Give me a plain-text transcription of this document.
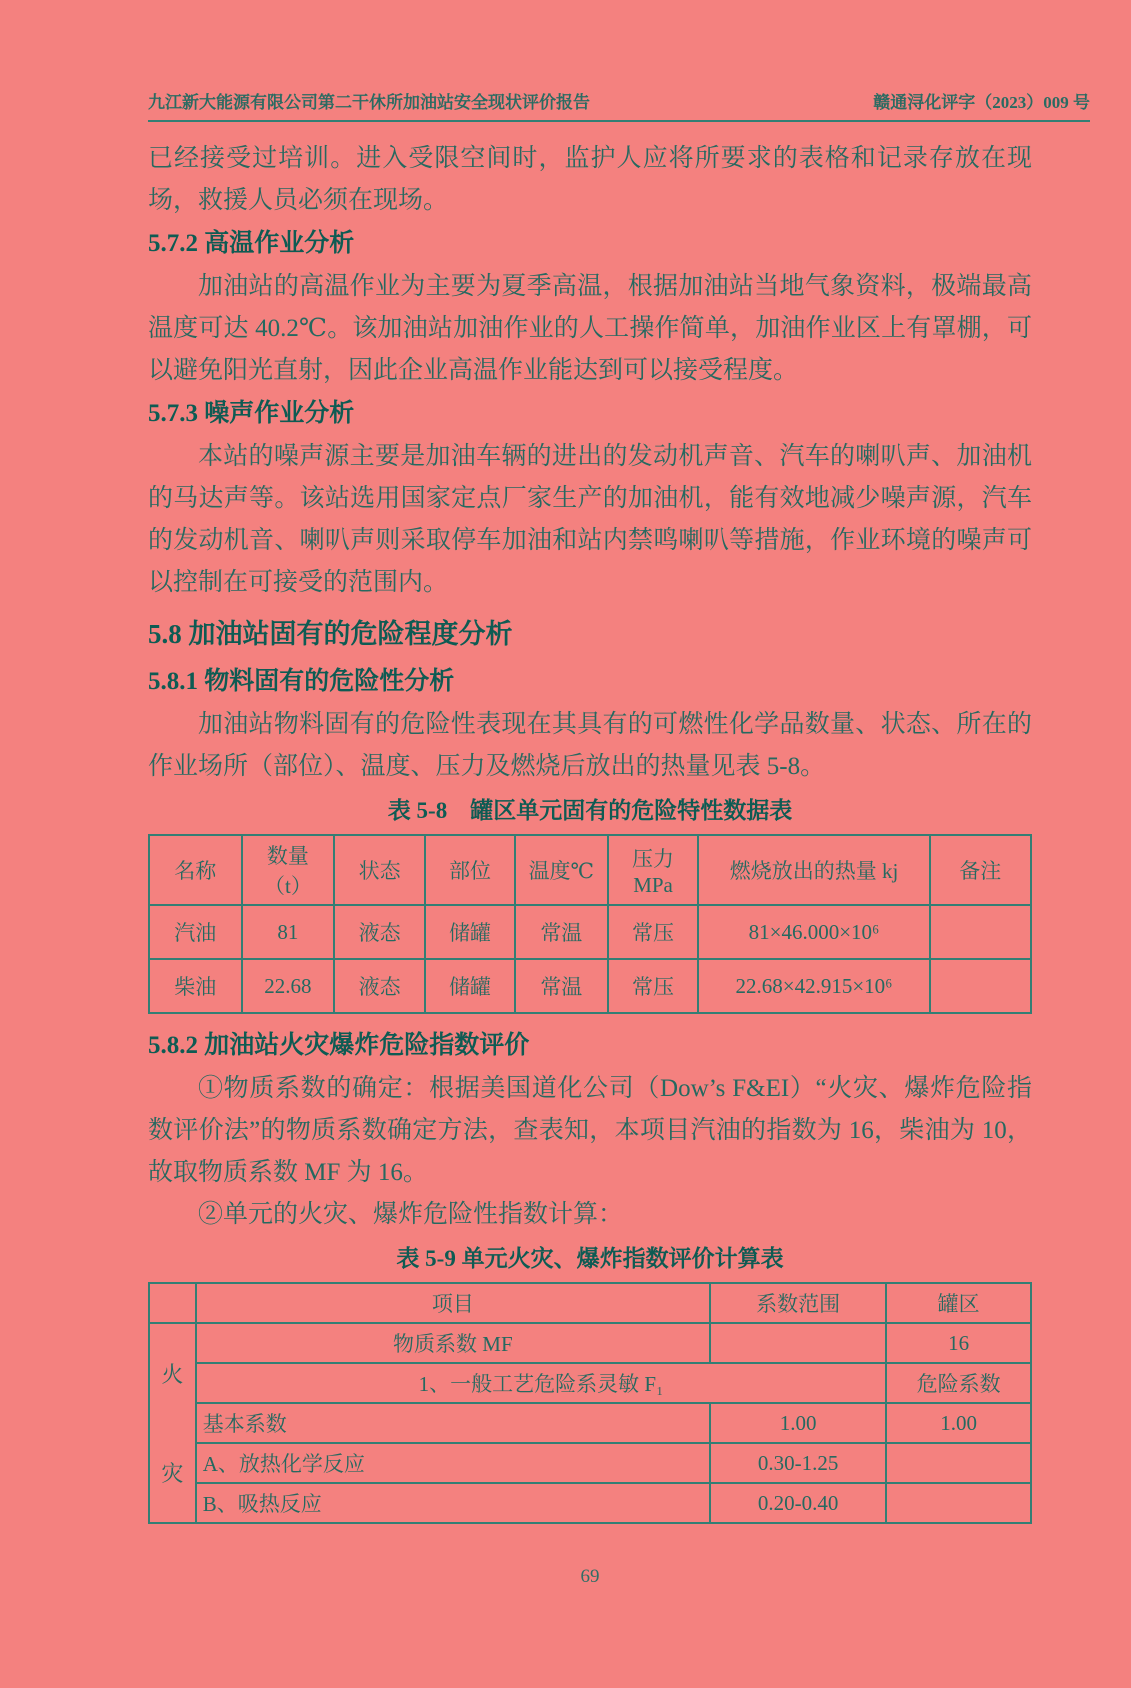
九江新大能源有限公司第二干休所加油站安全现状评价报告	赣通浔化评字（2023）009 号

已经接受过培训。进入受限空间时，监护人应将所要求的表格和记录存放在现场，救援人员必须在现场。

5.7.2 高温作业分析

加油站的高温作业为主要为夏季高温，根据加油站当地气象资料，极端最高温度可达 40.2℃。该加油站加油作业的人工操作简单，加油作业区上有罩棚，可以避免阳光直射，因此企业高温作业能达到可以接受程度。

5.7.3 噪声作业分析

本站的噪声源主要是加油车辆的进出的发动机声音、汽车的喇叭声、加油机的马达声等。该站选用国家定点厂家生产的加油机，能有效地减少噪声源，汽车的发动机音、喇叭声则采取停车加油和站内禁鸣喇叭等措施，作业环境的噪声可以控制在可接受的范围内。

5.8 加油站固有的危险程度分析
5.8.1 物料固有的危险性分析

加油站物料固有的危险性表现在其具有的可燃性化学品数量、状态、所在的作业场所（部位）、温度、压力及燃烧后放出的热量见表 5-8。

表 5-8　罐区单元固有的危险特性数据表
名称	数量（t）	状态	部位	温度℃	压力 MPa	燃烧放出的热量 kj	备注
汽油	81	液态	储罐	常温	常压	81×46.000×10⁶	
柴油	22.68	液态	储罐	常温	常压	22.68×42.915×10⁶	
5.8.2 加油站火灾爆炸危险指数评价

①物质系数的确定：根据美国道化公司（Dow’s F&EI）“火灾、爆炸危险指数评价法”的物质系数确定方法，查表知，本项目汽油的指数为 16，柴油为 10，故取物质系数 MF 为 16。

②单元的火灾、爆炸危险性指数计算：

表 5-9 单元火灾、爆炸指数评价计算表
	项目	系数范围	罐区

火
灾	物质系数 MF		16
	1、一般工艺危险系灵敏 F₁		危险系数
	基本系数	1.00	1.00
	A、放热化学反应	0.30-1.25	
	B、吸热反应	0.20-0.40	
69
